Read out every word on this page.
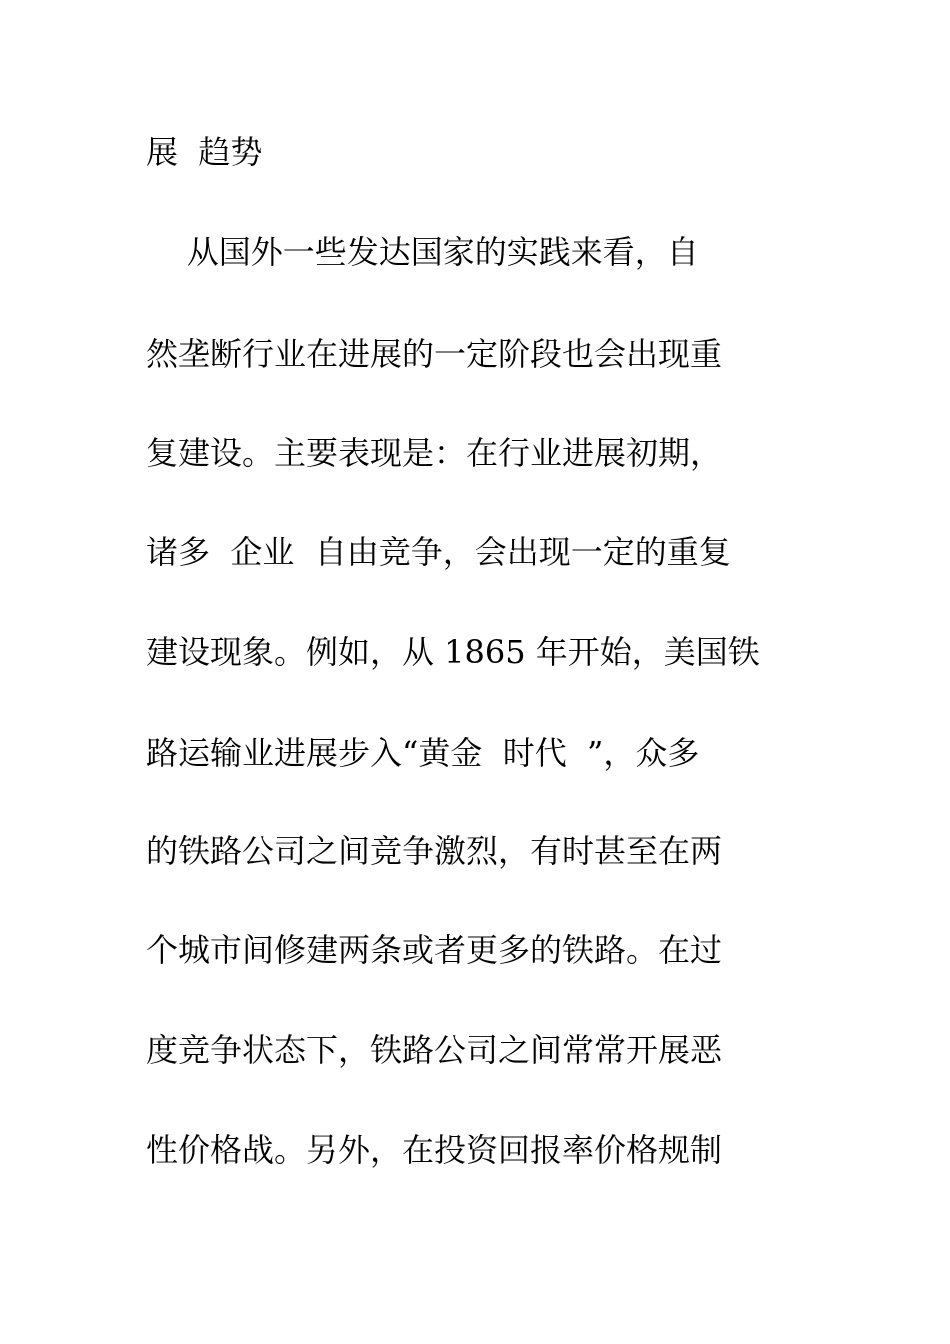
展  趋势

从国外一些发达国家的实践来看，自

然垄断行业在进展的一定阶段也会出现重

复建设。主要表现是：在行业进展初期，

诸多  企业  自由竞争，会出现一定的重复

建设现象。例如，从 1865 年开始，美国铁

路运输业进展步入“黄金  时代  ”，众多

的铁路公司之间竞争激烈，有时甚至在两

个城市间修建两条或者更多的铁路。在过

度竞争状态下，铁路公司之间常常开展恶

性价格战。另外，在投资回报率价格规制
